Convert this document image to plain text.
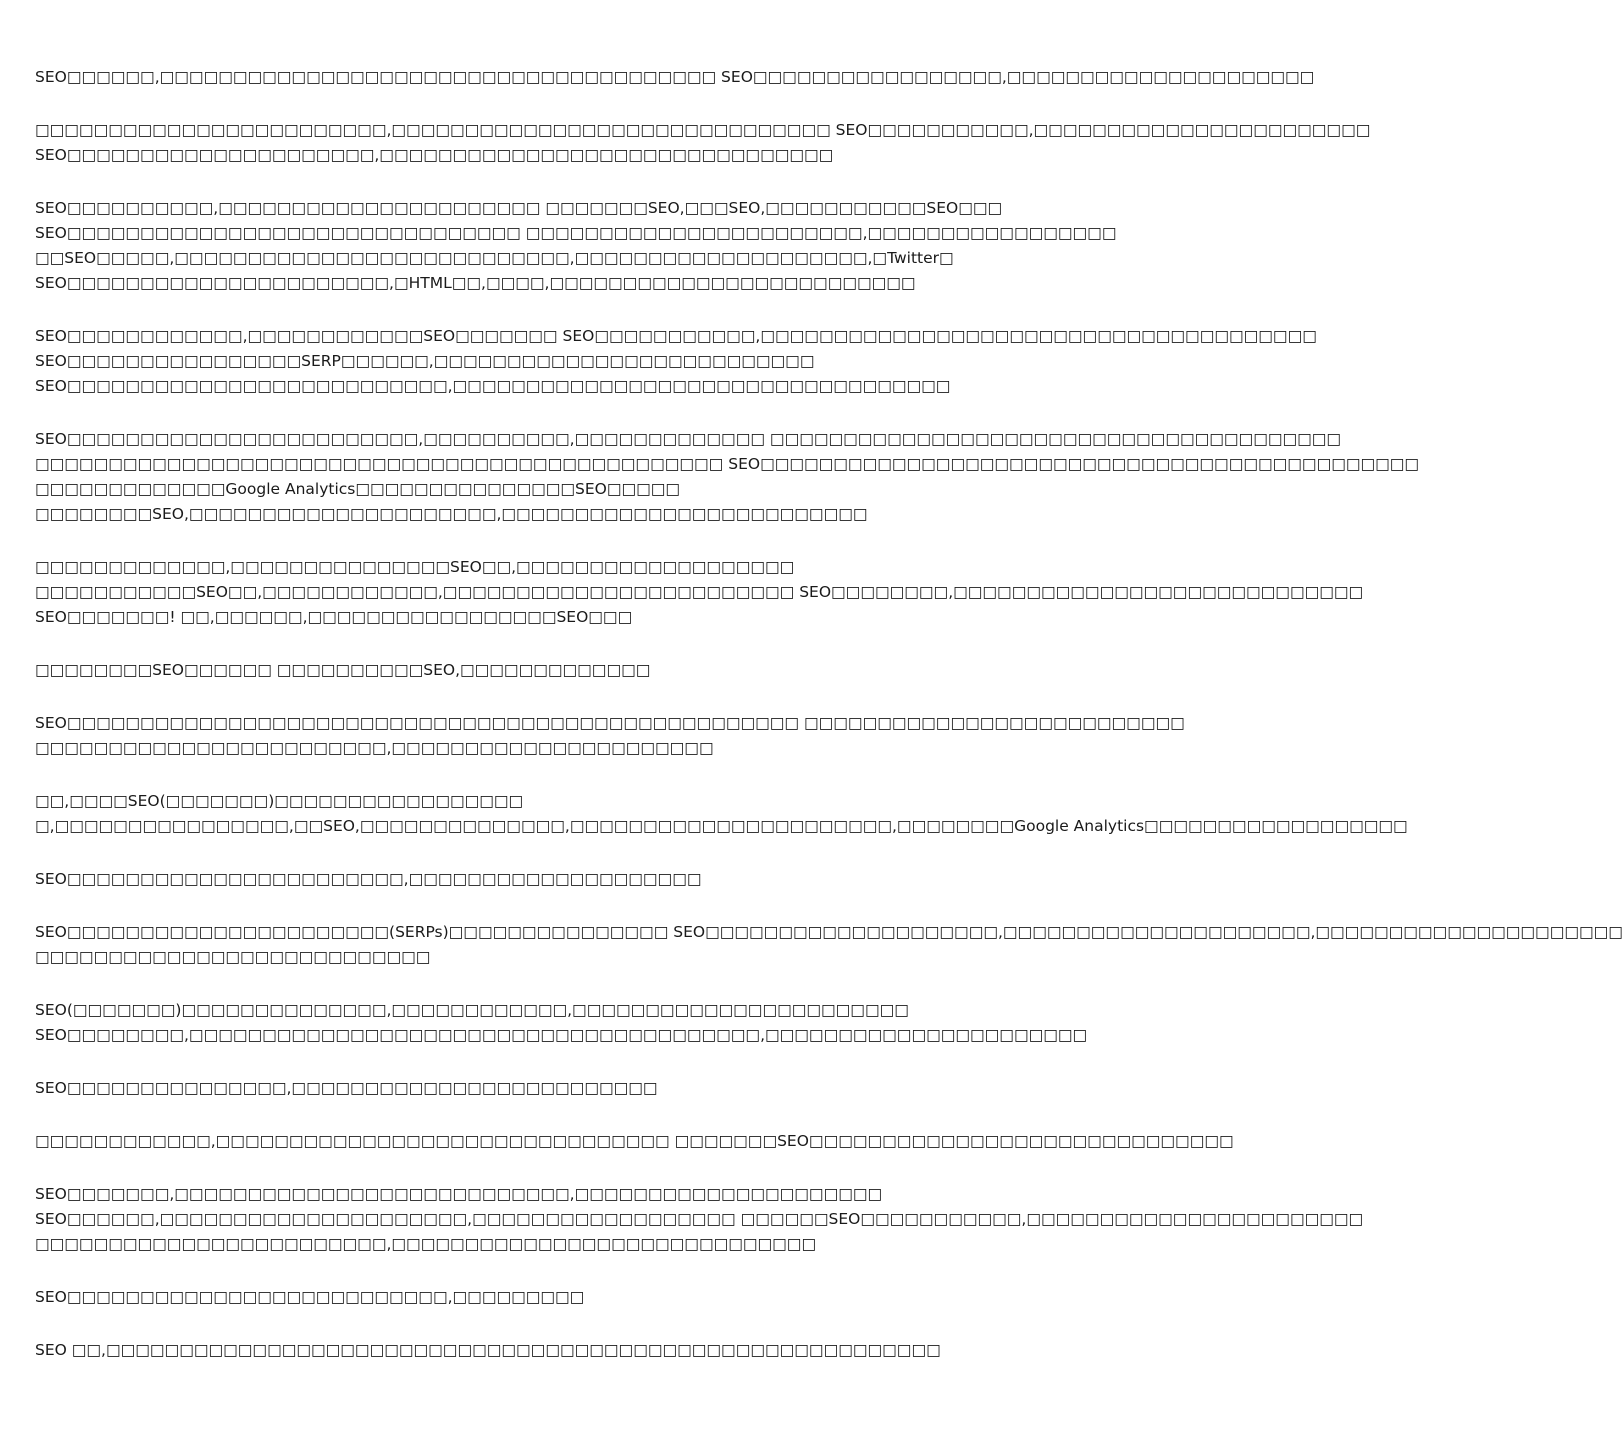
SEO□□□□□□,□□□□□□□□□□□□□□□□□□□□□□□□□□□□□□□□□□□□□□ SEO□□□□□□□□□□□□□□□□□,□□□□□□□□□□□□□□□□□□□□□
□□□□□□□□□□□□□□□□□□□□□□□□,□□□□□□□□□□□□□□□□□□□□□□□□□□□□□□ SEO□□□□□□□□□□□,□□□□□□□□□□□□□□□□□□□□□□□
SEO□□□□□□□□□□□□□□□□□□□□□,□□□□□□□□□□□□□□□□□□□□□□□□□□□□□□□
SEO□□□□□□□□□□,□□□□□□□□□□□□□□□□□□□□□□ □□□□□□□SEO,□□□SEO,□□□□□□□□□□□SEO□□□
SEO□□□□□□□□□□□□□□□□□□□□□□□□□□□□□□□ □□□□□□□□□□□□□□□□□□□□□□□,□□□□□□□□□□□□□□□□□
□□SEO□□□□□,□□□□□□□□□□□□□□□□□□□□□□□□□□□,□□□□□□□□□□□□□□□□□□□□,□Twitter□
SEO□□□□□□□□□□□□□□□□□□□□□□,□HTML□□,□□□□,□□□□□□□□□□□□□□□□□□□□□□□□□
SEO□□□□□□□□□□□□,□□□□□□□□□□□□SEO□□□□□□□ SEO□□□□□□□□□□□,□□□□□□□□□□□□□□□□□□□□□□□□□□□□□□□□□□□□□□
SEO□□□□□□□□□□□□□□□□SERP□□□□□□,□□□□□□□□□□□□□□□□□□□□□□□□□□
SEO□□□□□□□□□□□□□□□□□□□□□□□□□□,□□□□□□□□□□□□□□□□□□□□□□□□□□□□□□□□□□
SEO□□□□□□□□□□□□□□□□□□□□□□□□,□□□□□□□□□□,□□□□□□□□□□□□□ □□□□□□□□□□□□□□□□□□□□□□□□□□□□□□□□□□□□□□□
□□□□□□□□□□□□□□□□□□□□□□□□□□□□□□□□□□□□□□□□□□□□□□□ SEO□□□□□□□□□□□□□□□□□□□□□□□□□□□□□□□□□□□□□□□□□□□□□
□□□□□□□□□□□□□Google Analytics□□□□□□□□□□□□□□□SEO□□□□□
□□□□□□□□SEO,□□□□□□□□□□□□□□□□□□□□□,□□□□□□□□□□□□□□□□□□□□□□□□□
□□□□□□□□□□□□□,□□□□□□□□□□□□□□□SEO□□,□□□□□□□□□□□□□□□□□□□
□□□□□□□□□□□SEO□□,□□□□□□□□□□□□,□□□□□□□□□□□□□□□□□□□□□□□□ SEO□□□□□□□□,□□□□□□□□□□□□□□□□□□□□□□□□□□□□
SEO□□□□□□□! □□,□□□□□□,□□□□□□□□□□□□□□□□□SEO□□□
□□□□□□□□SEO□□□□□□ □□□□□□□□□□SEO,□□□□□□□□□□□□□
SEO□□□□□□□□□□□□□□□□□□□□□□□□□□□□□□□□□□□□□□□□□□□□□□□□□□ □□□□□□□□□□□□□□□□□□□□□□□□□□
□□□□□□□□□□□□□□□□□□□□□□□□,□□□□□□□□□□□□□□□□□□□□□□
□□,□□□□SEO(□□□□□□□)□□□□□□□□□□□□□□□□□
□,□□□□□□□□□□□□□□□□,□□SEO,□□□□□□□□□□□□□□,□□□□□□□□□□□□□□□□□□□□□□,□□□□□□□□Google Analytics□□□□□□□□□□□□□□□□□□
SEO□□□□□□□□□□□□□□□□□□□□□□□,□□□□□□□□□□□□□□□□□□□□
SEO□□□□□□□□□□□□□□□□□□□□□□(SERPs)□□□□□□□□□□□□□□□ SEO□□□□□□□□□□□□□□□□□□□□,□□□□□□□□□□□□□□□□□□□□□,□□□□□□□□□□□□□□□□□□□□□
□□□□□□□□□□□□□□□□□□□□□□□□□□□
SEO(□□□□□□□)□□□□□□□□□□□□□□,□□□□□□□□□□□□,□□□□□□□□□□□□□□□□□□□□□□□
SEO□□□□□□□□,□□□□□□□□□□□□□□□□□□□□□□□□□□□□□□□□□□□□□□□,□□□□□□□□□□□□□□□□□□□□□□
SEO□□□□□□□□□□□□□□□,□□□□□□□□□□□□□□□□□□□□□□□□□
□□□□□□□□□□□□,□□□□□□□□□□□□□□□□□□□□□□□□□□□□□□□ □□□□□□□SEO□□□□□□□□□□□□□□□□□□□□□□□□□□□□□
SEO□□□□□□□,□□□□□□□□□□□□□□□□□□□□□□□□□□□,□□□□□□□□□□□□□□□□□□□□□
SEO□□□□□□,□□□□□□□□□□□□□□□□□□□□□,□□□□□□□□□□□□□□□□□□ □□□□□□SEO□□□□□□□□□□□,□□□□□□□□□□□□□□□□□□□□□□□
□□□□□□□□□□□□□□□□□□□□□□□□,□□□□□□□□□□□□□□□□□□□□□□□□□□□□□
SEO□□□□□□□□□□□□□□□□□□□□□□□□□□,□□□□□□□□□
SEO □□,□□□□□□□□□□□□□□□□□□□□□□□□□□□□□□□□□□□□□□□□□□□□□□□□□□□□□□□□□
